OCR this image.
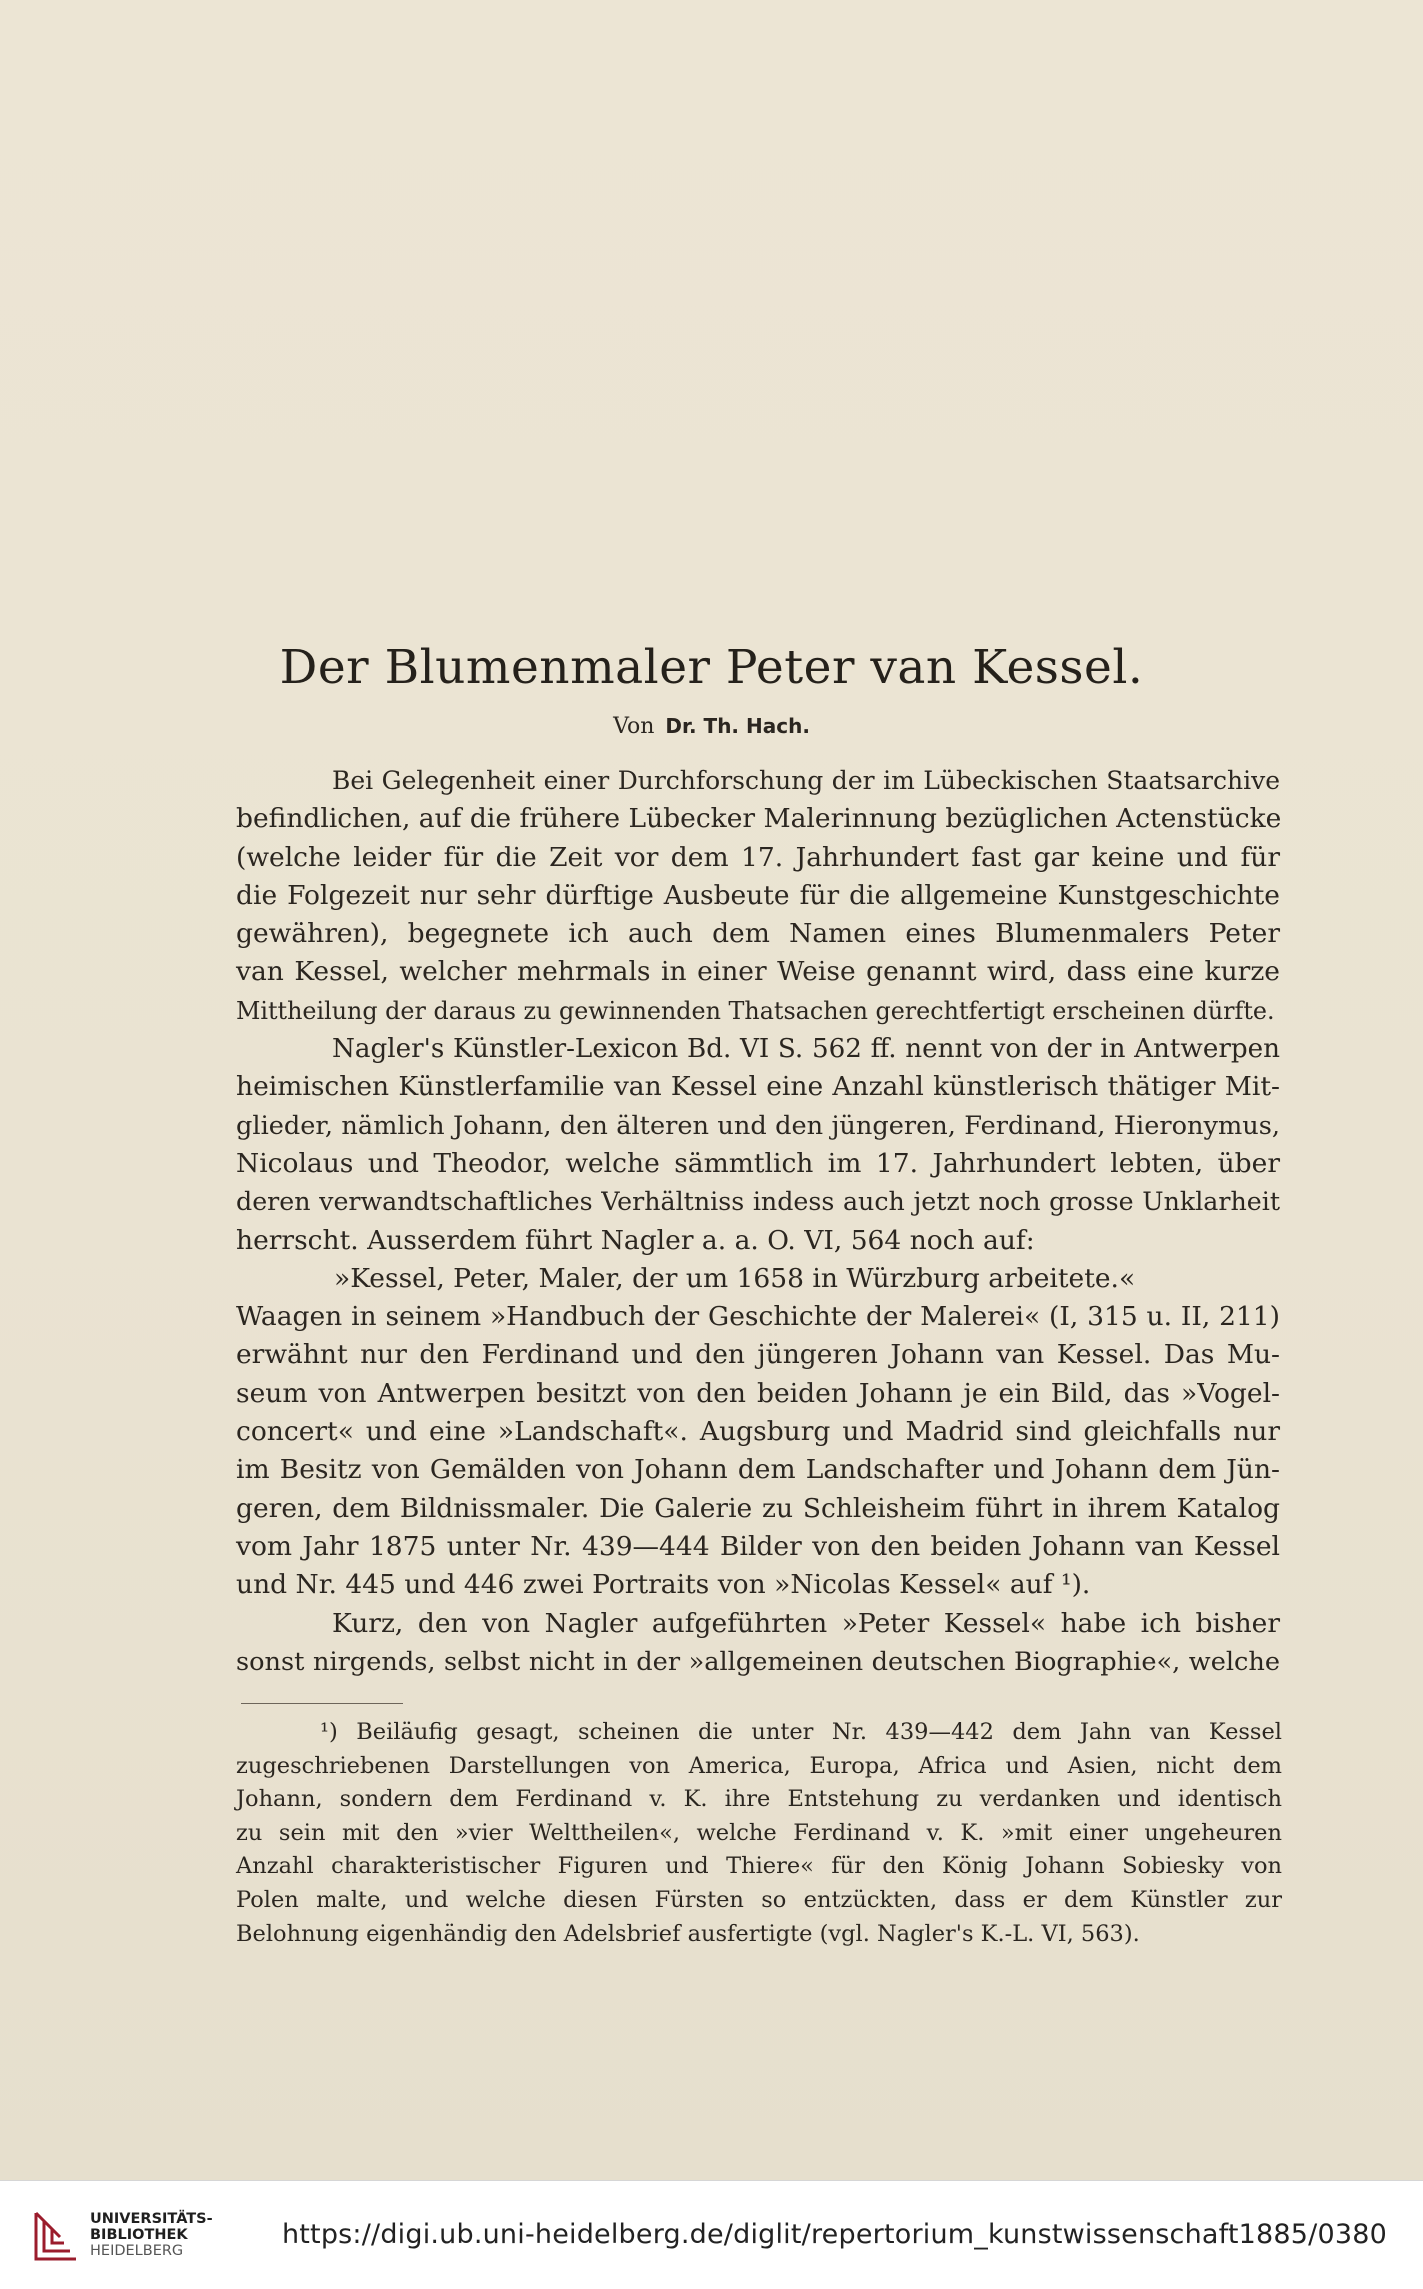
Der Blumenmaler Peter van Kessel.
Von Dr. Th. Hach.
Bei Gelegenheit einer Durchforschung der im Lübeckischen Staatsarchive
befindlichen, auf die frühere Lübecker Malerinnung bezüglichen Actenstücke
(welche leider für die Zeit vor dem 17. Jahrhundert fast gar keine und für
die Folgezeit nur sehr dürftige Ausbeute für die allgemeine Kunstgeschichte
gewähren), begegnete ich auch dem Namen eines Blumenmalers Peter
van Kessel, welcher mehrmals in einer Weise genannt wird, dass eine kurze
Mittheilung der daraus zu gewinnenden Thatsachen gerechtfertigt erscheinen dürfte.
Nagler's Künstler-Lexicon Bd. VI S. 562 ff. nennt von der in Antwerpen
heimischen Künstlerfamilie van Kessel eine Anzahl künstlerisch thätiger Mit-
glieder, nämlich Johann, den älteren und den jüngeren, Ferdinand, Hieronymus,
Nicolaus und Theodor, welche sämmtlich im 17. Jahrhundert lebten, über
deren verwandtschaftliches Verhältniss indess auch jetzt noch grosse Unklarheit
herrscht. Ausserdem führt Nagler a. a. O. VI, 564 noch auf:
»Kessel, Peter, Maler, der um 1658 in Würzburg arbeitete.«
Waagen in seinem »Handbuch der Geschichte der Malerei« (I, 315 u. II, 211)
erwähnt nur den Ferdinand und den jüngeren Johann van Kessel. Das Mu-
seum von Antwerpen besitzt von den beiden Johann je ein Bild, das »Vogel-
concert« und eine »Landschaft«. Augsburg und Madrid sind gleichfalls nur
im Besitz von Gemälden von Johann dem Landschafter und Johann dem Jün-
geren, dem Bildnissmaler. Die Galerie zu Schleisheim führt in ihrem Katalog
vom Jahr 1875 unter Nr. 439—444 Bilder von den beiden Johann van Kessel
und Nr. 445 und 446 zwei Portraits von »Nicolas Kessel« auf ¹).
Kurz, den von Nagler aufgeführten »Peter Kessel« habe ich bisher
sonst nirgends, selbst nicht in der »allgemeinen deutschen Biographie«, welche
¹) Beiläufig gesagt, scheinen die unter Nr. 439—442 dem Jahn van Kessel
zugeschriebenen Darstellungen von America, Europa, Africa und Asien, nicht dem
Johann, sondern dem Ferdinand v. K. ihre Entstehung zu verdanken und identisch
zu sein mit den »vier Welttheilen«, welche Ferdinand v. K. »mit einer ungeheuren
Anzahl charakteristischer Figuren und Thiere« für den König Johann Sobiesky von
Polen malte, und welche diesen Fürsten so entzückten, dass er dem Künstler zur
Belohnung eigenhändig den Adelsbrief ausfertigte (vgl. Nagler's K.-L. VI, 563).
UNIVERSITÄTS-
BIBLIOTHEK
HEIDELBERG
https://digi.ub.uni-heidelberg.de/diglit/repertorium_kunstwissenschaft1885/0380
